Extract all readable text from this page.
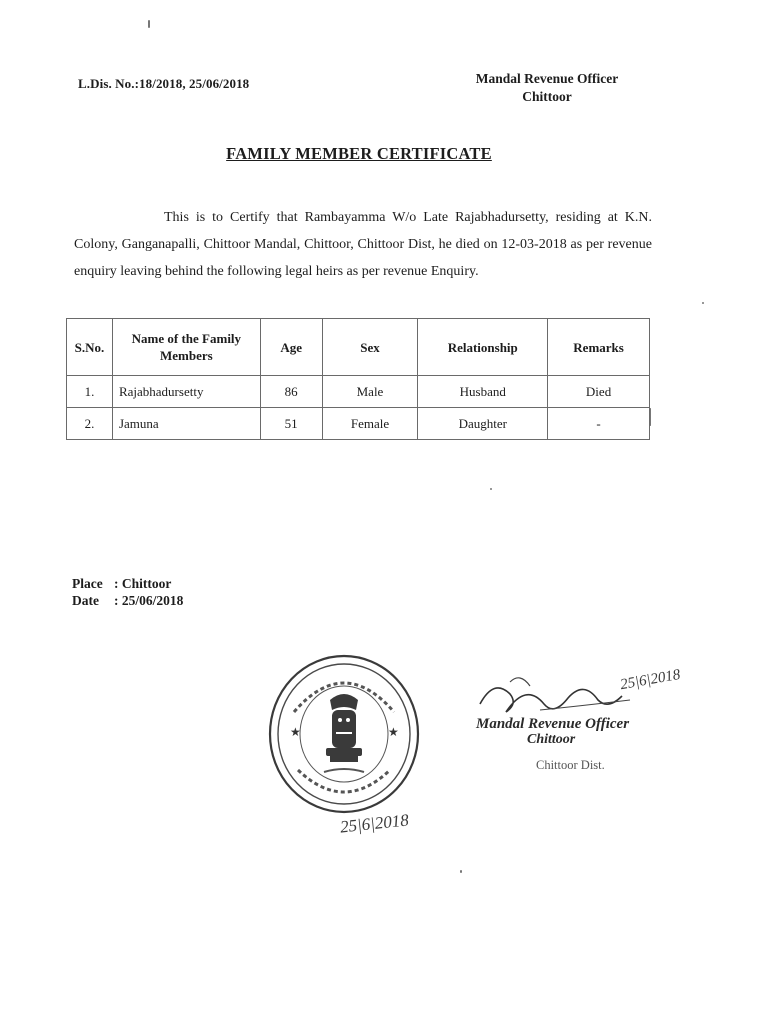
L.Dis. No.:18/2018, 25/06/2018	Mandal Revenue Officer
Chittoor
FAMILY MEMBER CERTIFICATE
This is to Certify that Rambayamma W/o Late Rajabhadursetty, residing at K.N. Colony, Ganganapalli, Chittoor Mandal, Chittoor, Chittoor Dist, he died on 12-03-2018 as per revenue enquiry leaving behind the following legal heirs as per revenue Enquiry.
S.No.	Name of the Family Members	Age	Sex	Relationship	Remarks
1.	Rajabhadursetty	86	Male	Husband	Died
2.	Jamuna	51	Female	Daughter	-
Place : Chittoor
Date	: 25/06/2018
★	★
25|6|2018
25|6|2018
Mandal Revenue Officer
Chittoor
Chittoor Dist.
